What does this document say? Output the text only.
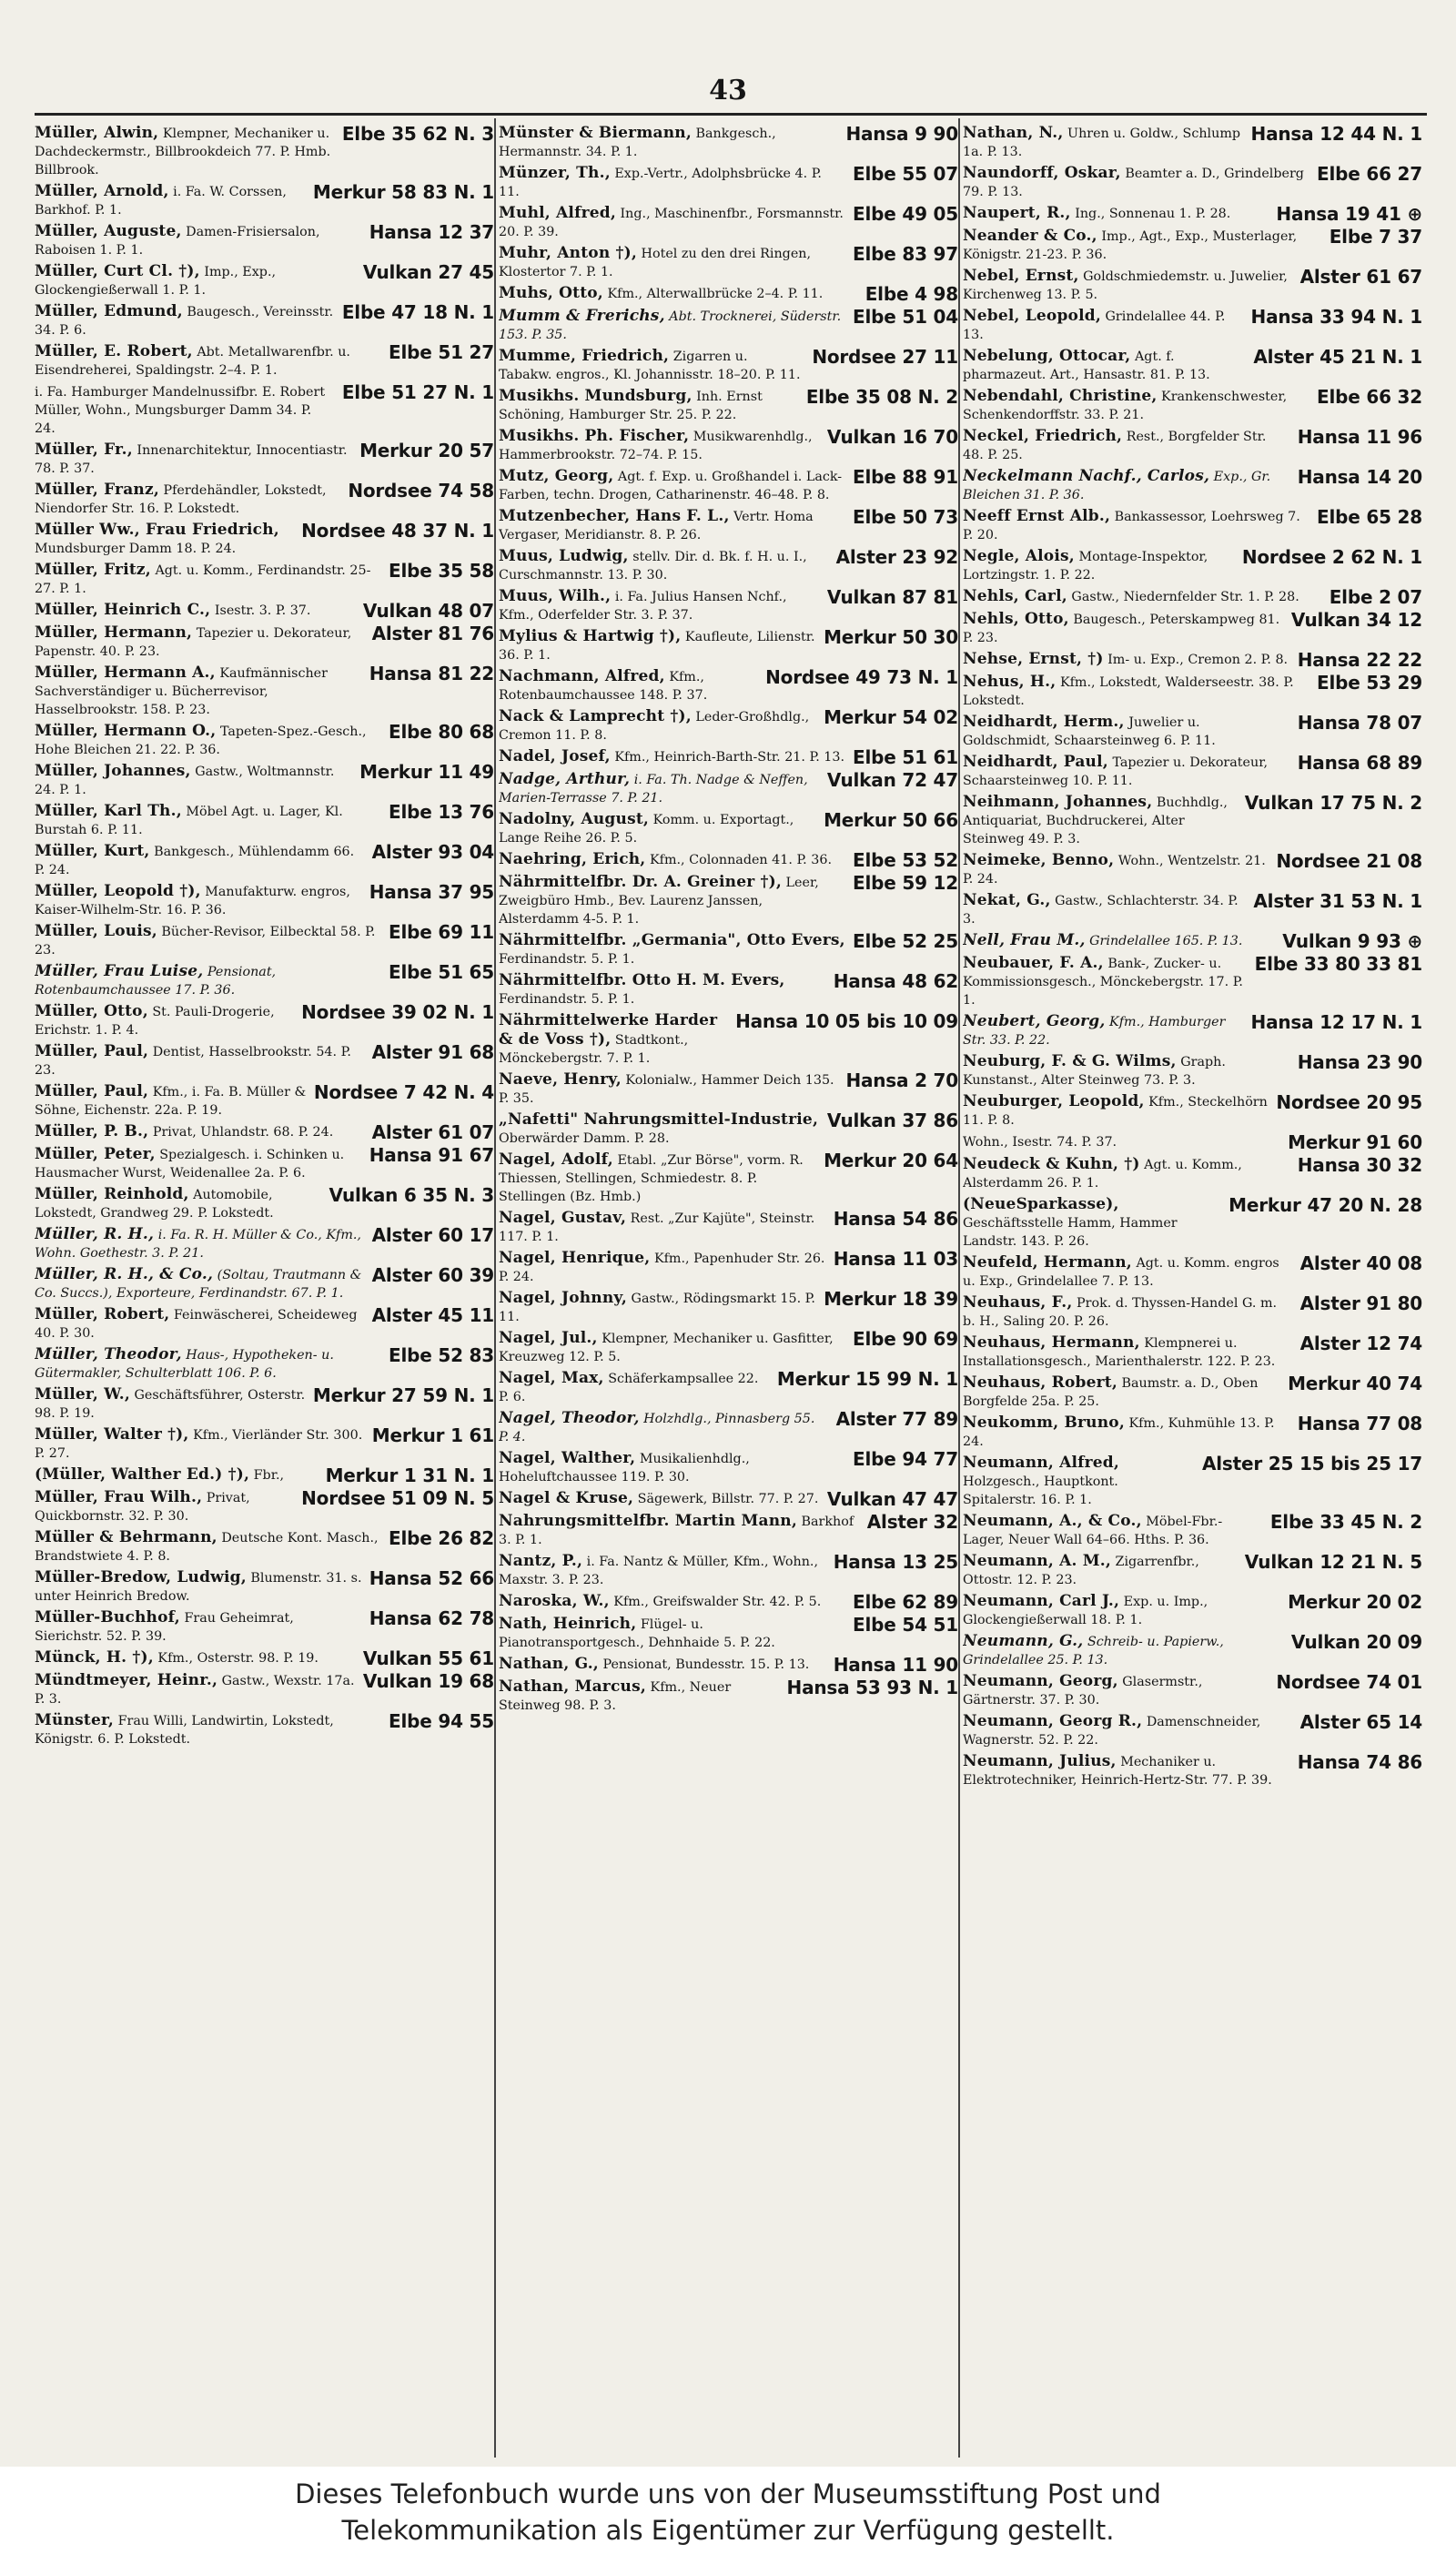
43
Elbe 35 62 N. 3
Müller, Alwin, Klempner, Mechaniker u. Dachdeckermstr., Billbrookdeich 77. P. Hmb. Billbrook.
Merkur 58 83 N. 1
Müller, Arnold, i. Fa. W. Corssen, Barkhof. P. 1.
Hansa 12 37
Müller, Auguste, Damen-Frisiersalon, Raboisen 1. P. 1.
Vulkan 27 45
Müller, Curt Cl. †), Imp., Exp., Glockengießerwall 1. P. 1.
Elbe 47 18 N. 1
Müller, Edmund, Baugesch., Vereinsstr. 34. P. 6.
Elbe 51 27
Müller, E. Robert, Abt. Metallwarenfbr. u. Eisendreherei, Spaldingstr. 2–4. P. 1.
Elbe 51 27 N. 1
i. Fa. Hamburger Mandelnussifbr. E. Robert Müller, Wohn., Mungsburger Damm 34. P. 24.
Merkur 20 57
Müller, Fr., Innenarchitektur, Innocentiastr. 78. P. 37.
Nordsee 74 58
Müller, Franz, Pferdehändler, Lokstedt, Niendorfer Str. 16. P. Lokstedt.
Nordsee 48 37 N. 1
Müller Ww., Frau Friedrich, Mundsburger Damm 18. P. 24.
Elbe 35 58
Müller, Fritz, Agt. u. Komm., Ferdinandstr. 25-27. P. 1.
Vulkan 48 07
Müller, Heinrich C., Isestr. 3. P. 37.
Alster 81 76
Müller, Hermann, Tapezier u. Dekorateur, Papenstr. 40. P. 23.
Hansa 81 22
Müller, Hermann A., Kaufmännischer Sachverständiger u. Bücherrevisor, Hasselbrookstr. 158. P. 23.
Elbe 80 68
Müller, Hermann O., Tapeten-Spez.-Gesch., Hohe Bleichen 21. 22. P. 36.
Merkur 11 49
Müller, Johannes, Gastw., Woltmannstr. 24. P. 1.
Elbe 13 76
Müller, Karl Th., Möbel Agt. u. Lager, Kl. Burstah 6. P. 11.
Alster 93 04
Müller, Kurt, Bankgesch., Mühlendamm 66. P. 24.
Hansa 37 95
Müller, Leopold †), Manufakturw. engros, Kaiser-Wilhelm-Str. 16. P. 36.
Elbe 69 11
Müller, Louis, Bücher-Revisor, Eilbecktal 58. P. 23.
Elbe 51 65
Müller, Frau Luise, Pensionat, Rotenbaumchaussee 17. P. 36.
Nordsee 39 02 N. 1
Müller, Otto, St. Pauli-Drogerie, Erichstr. 1. P. 4.
Alster 91 68
Müller, Paul, Dentist, Hasselbrookstr. 54. P. 23.
Nordsee 7 42 N. 4
Müller, Paul, Kfm., i. Fa. B. Müller & Söhne, Eichenstr. 22a. P. 19.
Alster 61 07
Müller, P. B., Privat, Uhlandstr. 68. P. 24.
Hansa 91 67
Müller, Peter, Spezialgesch. i. Schinken u. Hausmacher Wurst, Weidenallee 2a. P. 6.
Vulkan 6 35 N. 3
Müller, Reinhold, Automobile, Lokstedt, Grandweg 29. P. Lokstedt.
Alster 60 17
Müller, R. H., i. Fa. R. H. Müller & Co., Kfm., Wohn. Goethestr. 3. P. 21.
Alster 60 39
Müller, R. H., & Co., (Soltau, Trautmann & Co. Succs.), Exporteure, Ferdinandstr. 67. P. 1.
Alster 45 11
Müller, Robert, Feinwäscherei, Scheideweg 40. P. 30.
Elbe 52 83
Müller, Theodor, Haus-, Hypotheken- u. Gütermakler, Schulterblatt 106. P. 6.
Merkur 27 59 N. 1
Müller, W., Geschäftsführer, Osterstr. 98. P. 19.
Merkur 1 61
Müller, Walter †), Kfm., Vierländer Str. 300. P. 27.
Merkur 1 31 N. 1
(Müller, Walther Ed.) †), Fbr.,
Nordsee 51 09 N. 5
Müller, Frau Wilh., Privat, Quickbornstr. 32. P. 30.
Elbe 26 82
Müller & Behrmann, Deutsche Kont. Masch., Brandstwiete 4. P. 8.
Hansa 52 66
Müller-Bredow, Ludwig, Blumenstr. 31. s. unter Heinrich Bredow.
Hansa 62 78
Müller-Buchhof, Frau Geheimrat, Sierichstr. 52. P. 39.
Vulkan 55 61
Münck, H. †), Kfm., Osterstr. 98. P. 19.
Vulkan 19 68
Mündtmeyer, Heinr., Gastw., Wexstr. 17a. P. 3.
Elbe 94 55
Münster, Frau Willi, Landwirtin, Lokstedt, Königstr. 6. P. Lokstedt.
Hansa 9 90
Münster & Biermann, Bankgesch., Hermannstr. 34. P. 1.
Elbe 55 07
Münzer, Th., Exp.-Vertr., Adolphsbrücke 4. P. 11.
Elbe 49 05
Muhl, Alfred, Ing., Maschinenfbr., Forsmannstr. 20. P. 39.
Elbe 83 97
Muhr, Anton †), Hotel zu den drei Ringen, Klostertor 7. P. 1.
Elbe 4 98
Muhs, Otto, Kfm., Alterwallbrücke 2–4. P. 11.
Elbe 51 04
Mumm & Frerichs, Abt. Trocknerei, Süderstr. 153. P. 35.
Nordsee 27 11
Mumme, Friedrich, Zigarren u. Tabakw. engros., Kl. Johannisstr. 18–20. P. 11.
Elbe 35 08 N. 2
Musikhs. Mundsburg, Inh. Ernst Schöning, Hamburger Str. 25. P. 22.
Vulkan 16 70
Musikhs. Ph. Fischer, Musikwarenhdlg., Hammerbrookstr. 72–74. P. 15.
Elbe 88 91
Mutz, Georg, Agt. f. Exp. u. Großhandel i. Lack-Farben, techn. Drogen, Catharinenstr. 46–48. P. 8.
Elbe 50 73
Mutzenbecher, Hans F. L., Vertr. Homa Vergaser, Meridianstr. 8. P. 26.
Alster 23 92
Muus, Ludwig, stellv. Dir. d. Bk. f. H. u. I., Curschmannstr. 13. P. 30.
Vulkan 87 81
Muus, Wilh., i. Fa. Julius Hansen Nchf., Kfm., Oderfelder Str. 3. P. 37.
Merkur 50 30
Mylius & Hartwig †), Kaufleute, Lilienstr. 36. P. 1.
Nordsee 49 73 N. 1
Nachmann, Alfred, Kfm., Rotenbaumchaussee 148. P. 37.
Merkur 54 02
Nack & Lamprecht †), Leder-Großhdlg., Cremon 11. P. 8.
Elbe 51 61
Nadel, Josef, Kfm., Heinrich-Barth-Str. 21. P. 13.
Vulkan 72 47
Nadge, Arthur, i. Fa. Th. Nadge & Neffen, Marien-Terrasse 7. P. 21.
Merkur 50 66
Nadolny, August, Komm. u. Exportagt., Lange Reihe 26. P. 5.
Elbe 53 52
Naehring, Erich, Kfm., Colonnaden 41. P. 36.
Elbe 59 12
Nährmittelfbr. Dr. A. Greiner †), Leer, Zweigbüro Hmb., Bev. Laurenz Janssen, Alsterdamm 4-5. P. 1.
Elbe 52 25
Nährmittelfbr. „Germania", Otto Evers, Ferdinandstr. 5. P. 1.
Hansa 48 62
Nährmittelfbr. Otto H. M. Evers, Ferdinandstr. 5. P. 1.
Hansa 10 05 bis 10 09
Nährmittelwerke Harder & de Voss †), Stadtkont., Mönckebergstr. 7. P. 1.
Hansa 2 70
Naeve, Henry, Kolonialw., Hammer Deich 135. P. 35.
Vulkan 37 86
„Nafetti" Nahrungsmittel-Industrie, Oberwärder Damm. P. 28.
Merkur 20 64
Nagel, Adolf, Etabl. „Zur Börse", vorm. R. Thiessen, Stellingen, Schmiedestr. 8. P. Stellingen (Bz. Hmb.)
Hansa 54 86
Nagel, Gustav, Rest. „Zur Kajüte", Steinstr. 117. P. 1.
Hansa 11 03
Nagel, Henrique, Kfm., Papenhuder Str. 26. P. 24.
Merkur 18 39
Nagel, Johnny, Gastw., Rödingsmarkt 15. P. 11.
Elbe 90 69
Nagel, Jul., Klempner, Mechaniker u. Gasfitter, Kreuzweg 12. P. 5.
Merkur 15 99 N. 1
Nagel, Max, Schäferkampsallee 22. P. 6.
Alster 77 89
Nagel, Theodor, Holzhdlg., Pinnasberg 55. P. 4.
Elbe 94 77
Nagel, Walther, Musikalienhdlg., Hoheluftchaussee 119. P. 30.
Vulkan 47 47
Nagel & Kruse, Sägewerk, Billstr. 77. P. 27.
Alster 32
Nahrungsmittelfbr. Martin Mann, Barkhof 3. P. 1.
Hansa 13 25
Nantz, P., i. Fa. Nantz & Müller, Kfm., Wohn., Maxstr. 3. P. 23.
Elbe 62 89
Naroska, W., Kfm., Greifswalder Str. 42. P. 5.
Elbe 54 51
Nath, Heinrich, Flügel- u. Pianotransportgesch., Dehnhaide 5. P. 22.
Hansa 11 90
Nathan, G., Pensionat, Bundesstr. 15. P. 13.
Hansa 53 93 N. 1
Nathan, Marcus, Kfm., Neuer Steinweg 98. P. 3.
Hansa 12 44 N. 1
Nathan, N., Uhren u. Goldw., Schlump 1a. P. 13.
Elbe 66 27
Naundorff, Oskar, Beamter a. D., Grindelberg 79. P. 13.
Hansa 19 41 ⊕
Naupert, R., Ing., Sonnenau 1. P. 28.
Elbe 7 37
Neander & Co., Imp., Agt., Exp., Musterlager, Königstr. 21-23. P. 36.
Alster 61 67
Nebel, Ernst, Goldschmiedemstr. u. Juwelier, Kirchenweg 13. P. 5.
Hansa 33 94 N. 1
Nebel, Leopold, Grindelallee 44. P. 13.
Alster 45 21 N. 1
Nebelung, Ottocar, Agt. f. pharmazeut. Art., Hansastr. 81. P. 13.
Elbe 66 32
Nebendahl, Christine, Krankenschwester, Schenkendorffstr. 33. P. 21.
Hansa 11 96
Neckel, Friedrich, Rest., Borgfelder Str. 48. P. 25.
Hansa 14 20
Neckelmann Nachf., Carlos, Exp., Gr. Bleichen 31. P. 36.
Elbe 65 28
Neeff Ernst Alb., Bankassessor, Loehrsweg 7. P. 20.
Nordsee 2 62 N. 1
Negle, Alois, Montage-Inspektor, Lortzingstr. 1. P. 22.
Elbe 2 07
Nehls, Carl, Gastw., Niedernfelder Str. 1. P. 28.
Vulkan 34 12
Nehls, Otto, Baugesch., Peterskampweg 81. P. 23.
Hansa 22 22
Nehse, Ernst, †) Im- u. Exp., Cremon 2. P. 8.
Elbe 53 29
Nehus, H., Kfm., Lokstedt, Walderseestr. 38. P. Lokstedt.
Hansa 78 07
Neidhardt, Herm., Juwelier u. Goldschmidt, Schaarsteinweg 6. P. 11.
Hansa 68 89
Neidhardt, Paul, Tapezier u. Dekorateur, Schaarsteinweg 10. P. 11.
Vulkan 17 75 N. 2
Neihmann, Johannes, Buchhdlg., Antiquariat, Buchdruckerei, Alter Steinweg 49. P. 3.
Nordsee 21 08
Neimeke, Benno, Wohn., Wentzelstr. 21. P. 24.
Alster 31 53 N. 1
Nekat, G., Gastw., Schlachterstr. 34. P. 3.
Vulkan 9 93 ⊕
Nell, Frau M., Grindelallee 165. P. 13.
Elbe 33 80 33 81
Neubauer, F. A., Bank-, Zucker- u. Kommissionsgesch., Mönckebergstr. 17. P. 1.
Hansa 12 17 N. 1
Neubert, Georg, Kfm., Hamburger Str. 33. P. 22.
Hansa 23 90
Neuburg, F. & G. Wilms, Graph. Kunstanst., Alter Steinweg 73. P. 3.
Nordsee 20 95
Neuburger, Leopold, Kfm., Steckelhörn 11. P. 8.
Merkur 91 60
Wohn., Isestr. 74. P. 37.
Hansa 30 32
Neudeck & Kuhn, †) Agt. u. Komm., Alsterdamm 26. P. 1.
Merkur 47 20 N. 28
(NeueSparkasse), Geschäftsstelle Hamm, Hammer Landstr. 143. P. 26.
Alster 40 08
Neufeld, Hermann, Agt. u. Komm. engros u. Exp., Grindelallee 7. P. 13.
Alster 91 80
Neuhaus, F., Prok. d. Thyssen-Handel G. m. b. H., Saling 20. P. 26.
Alster 12 74
Neuhaus, Hermann, Klempnerei u. Installationsgesch., Marienthalerstr. 122. P. 23.
Merkur 40 74
Neuhaus, Robert, Baumstr. a. D., Oben Borgfelde 25a. P. 25.
Hansa 77 08
Neukomm, Bruno, Kfm., Kuhmühle 13. P. 24.
Alster 25 15 bis 25 17
Neumann, Alfred, Holzgesch., Hauptkont. Spitalerstr. 16. P. 1.
Elbe 33 45 N. 2
Neumann, A., & Co., Möbel-Fbr.-Lager, Neuer Wall 64–66. Hths. P. 36.
Vulkan 12 21 N. 5
Neumann, A. M., Zigarrenfbr., Ottostr. 12. P. 23.
Merkur 20 02
Neumann, Carl J., Exp. u. Imp., Glockengießerwall 18. P. 1.
Vulkan 20 09
Neumann, G., Schreib- u. Papierw., Grindelallee 25. P. 13.
Nordsee 74 01
Neumann, Georg, Glasermstr., Gärtnerstr. 37. P. 30.
Alster 65 14
Neumann, Georg R., Damenschneider, Wagnerstr. 52. P. 22.
Hansa 74 86
Neumann, Julius, Mechaniker u. Elektrotechniker, Heinrich-Hertz-Str. 77. P. 39.
Dieses Telefonbuch wurde uns von der Museumsstiftung Post und
Telekommunikation als Eigentümer zur Verfügung gestellt.
